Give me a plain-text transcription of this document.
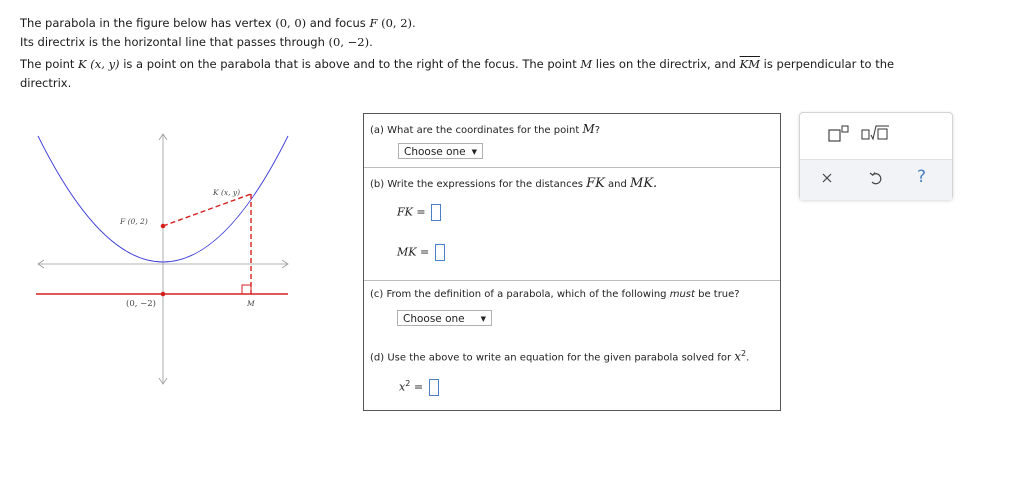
The parabola in the figure below has vertex (0, 0) and focus F (0, 2).

Its directrix is the horizontal line that passes through (0, −2).

The point K (x, y) is a point on the parabola that is above and to the right of the focus. The point M lies on the directrix, and $\overline{KM}$ is perpendicular to the

directrix.

K (x, y)
F (0, 2)
(0, −2)	M
(a) What are the coordinates for the point M?
Choose one ▼
(b) Write the expressions for the distances FK and MK.
FK =
MK =
(c) From the definition of a parabola, which of the following must be true?
Choose one ▼
(d) Use the above to write an equation for the given parabola solved for $x^2$.
$x^2$ =
?
